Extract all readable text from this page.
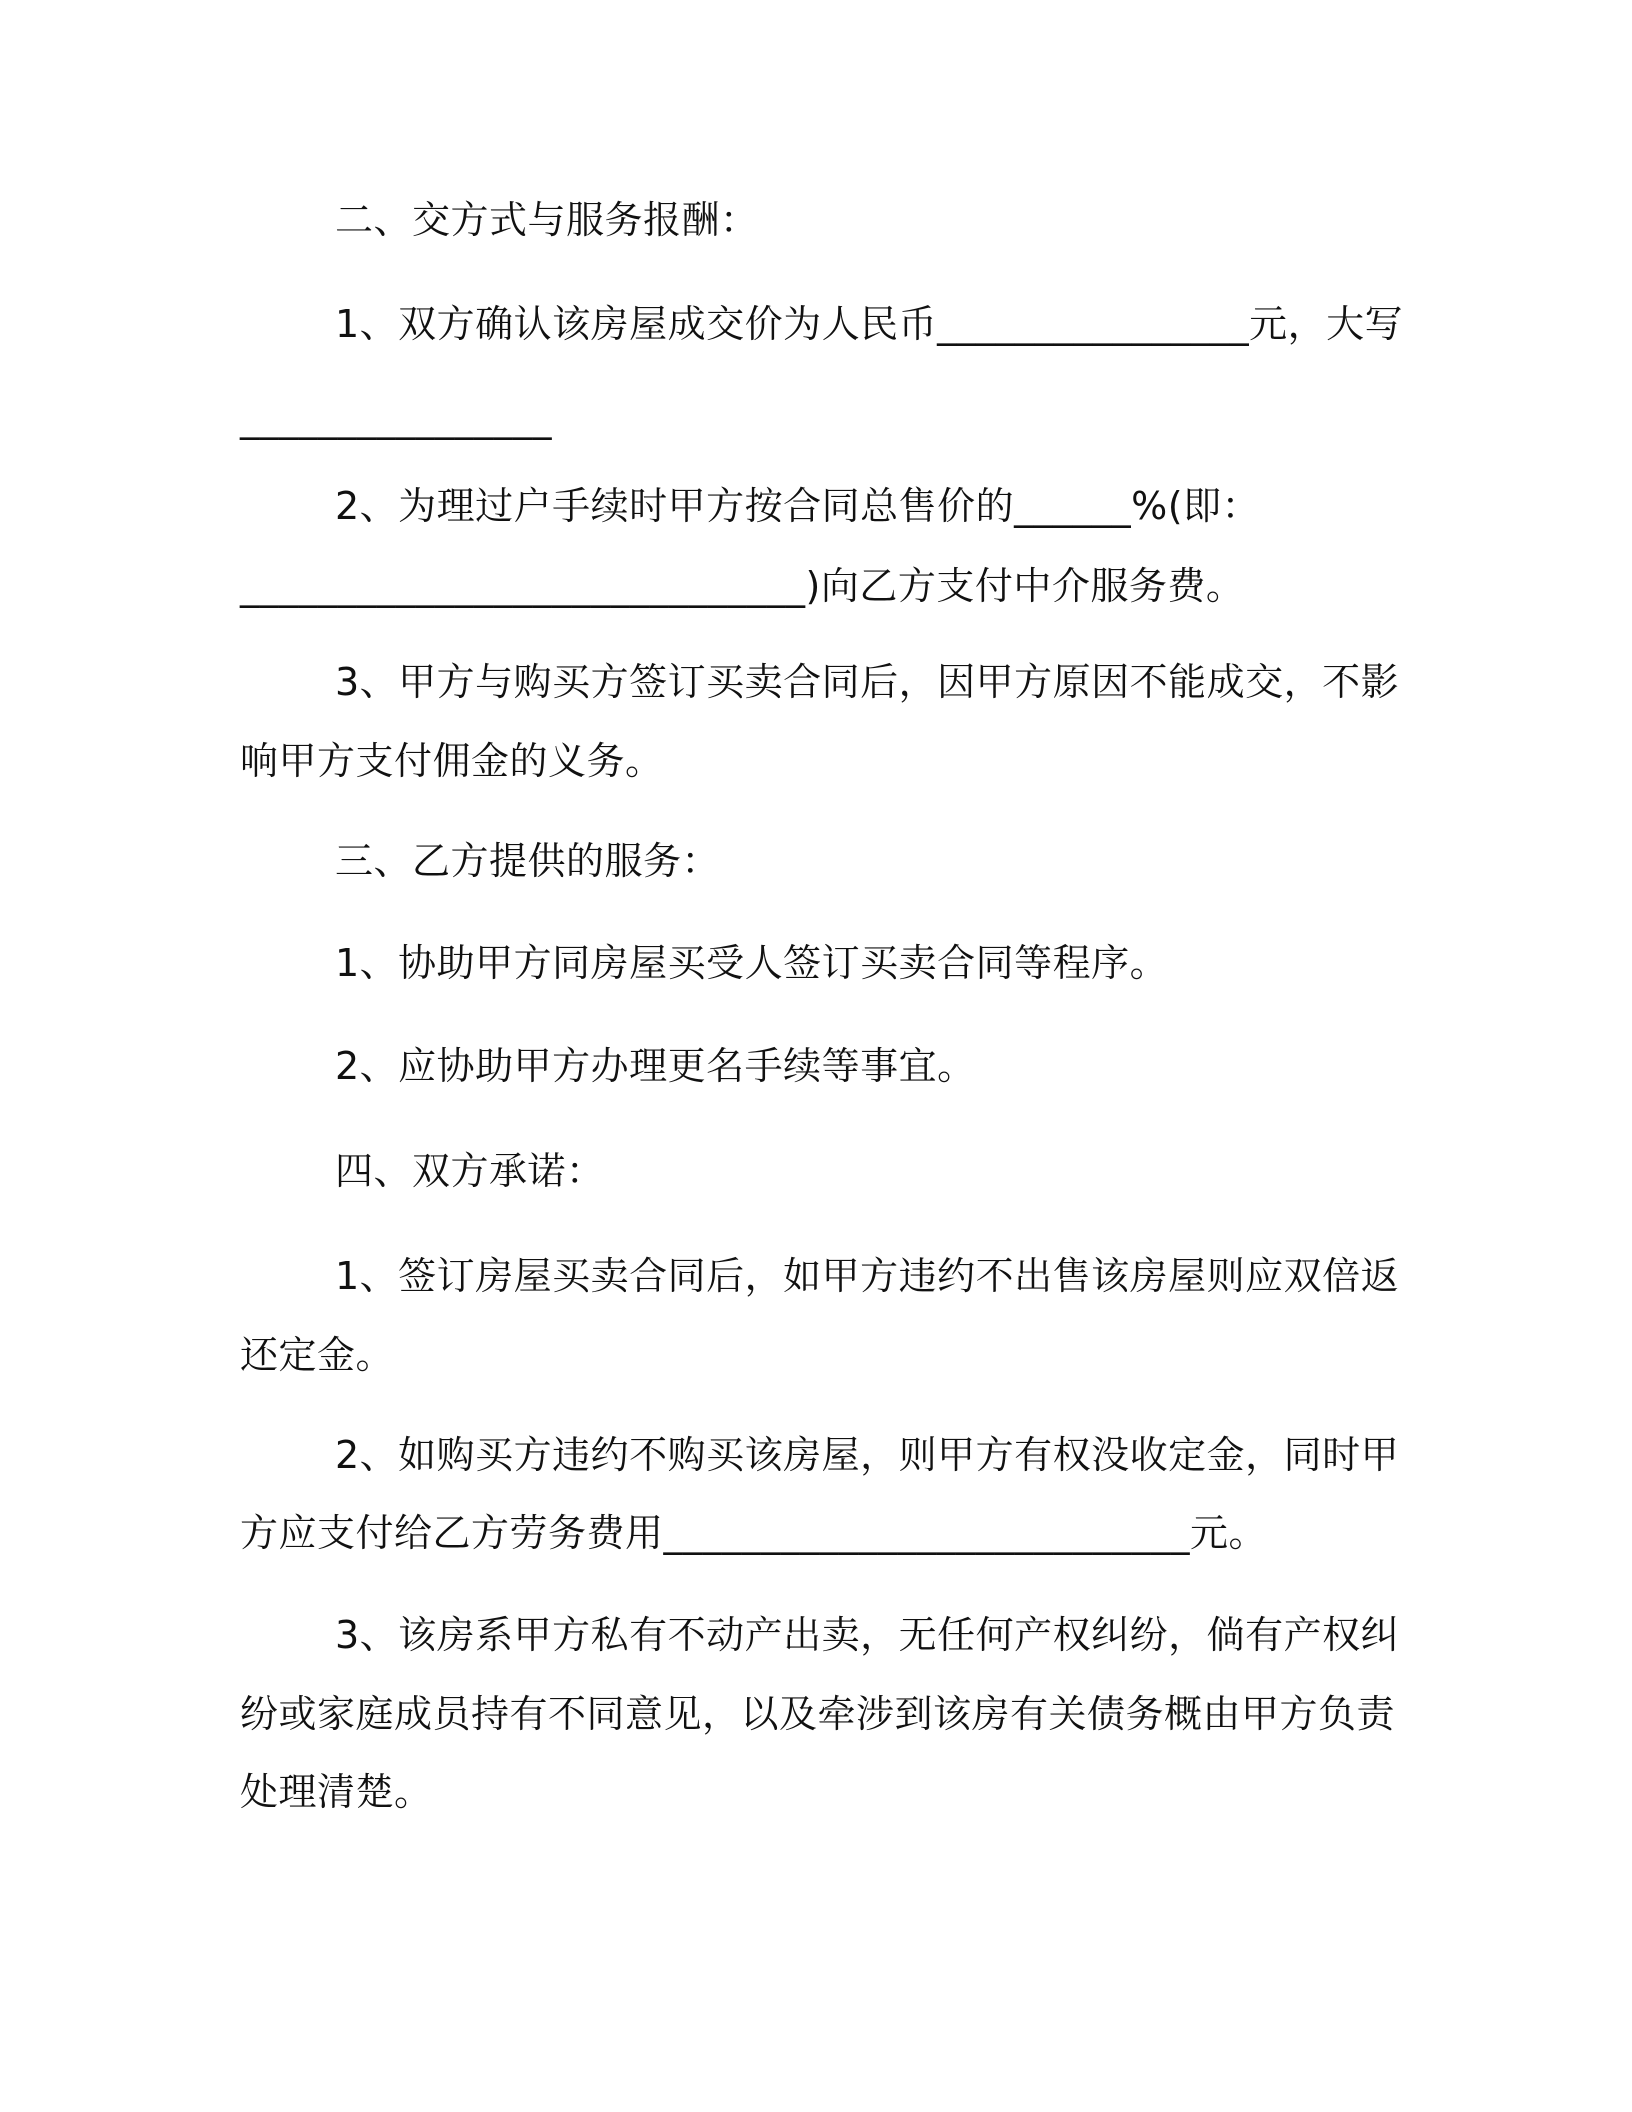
二、交方式与服务报酬：

1、双方确认该房屋成交价为人民币________________元，大写

________________

2、为理过户手续时甲方按合同总售价的______%(即：

_____________________________)向乙方支付中介服务费。

3、甲方与购买方签订买卖合同后，因甲方原因不能成交，不影

响甲方支付佣金的义务。

三、乙方提供的服务：

1、协助甲方同房屋买受人签订买卖合同等程序。

2、应协助甲方办理更名手续等事宜。

四、双方承诺：

1、签订房屋买卖合同后，如甲方违约不出售该房屋则应双倍返

还定金。

2、如购买方违约不购买该房屋，则甲方有权没收定金，同时甲

方应支付给乙方劳务费用___________________________元。

3、该房系甲方私有不动产出卖，无任何产权纠纷，倘有产权纠

纷或家庭成员持有不同意见，以及牵涉到该房有关债务概由甲方负责

处理清楚。
